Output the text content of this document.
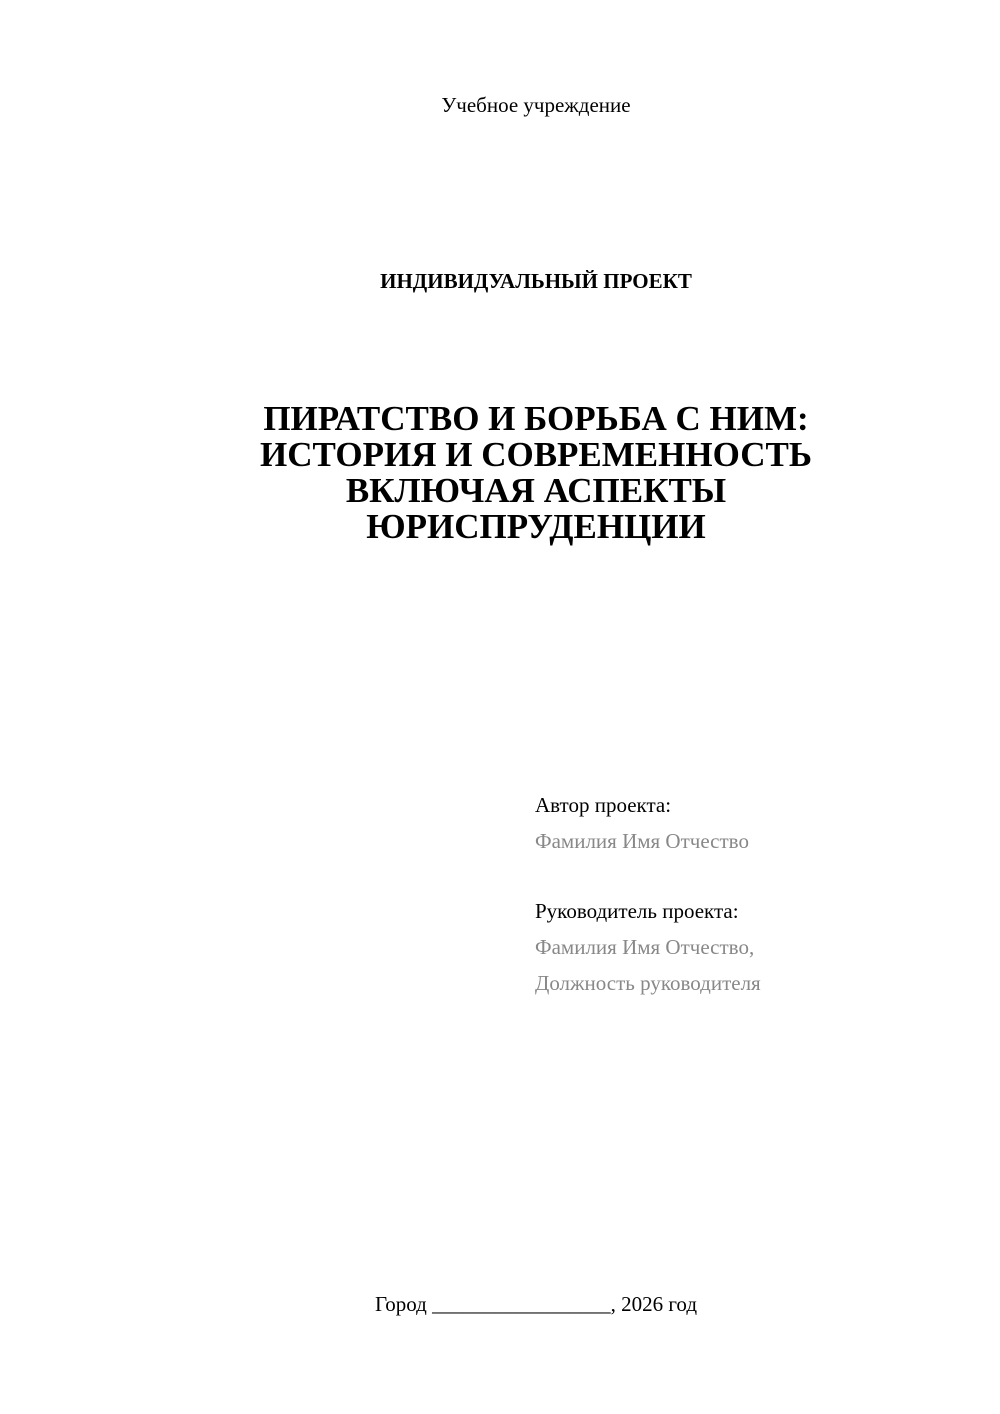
Учебное учреждение
ИНДИВИДУАЛЬНЫЙ ПРОЕКТ
ПИРАТСТВО И БОРЬБА С НИМ:
ИСТОРИЯ И СОВРЕМЕННОСТЬ
ВКЛЮЧАЯ АСПЕКТЫ
ЮРИСПРУДЕНЦИИ
Автор проекта:
Фамилия Имя Отчество
Руководитель проекта:
Фамилия Имя Отчество,
Должность руководителя
Город _________________, 2026 год
